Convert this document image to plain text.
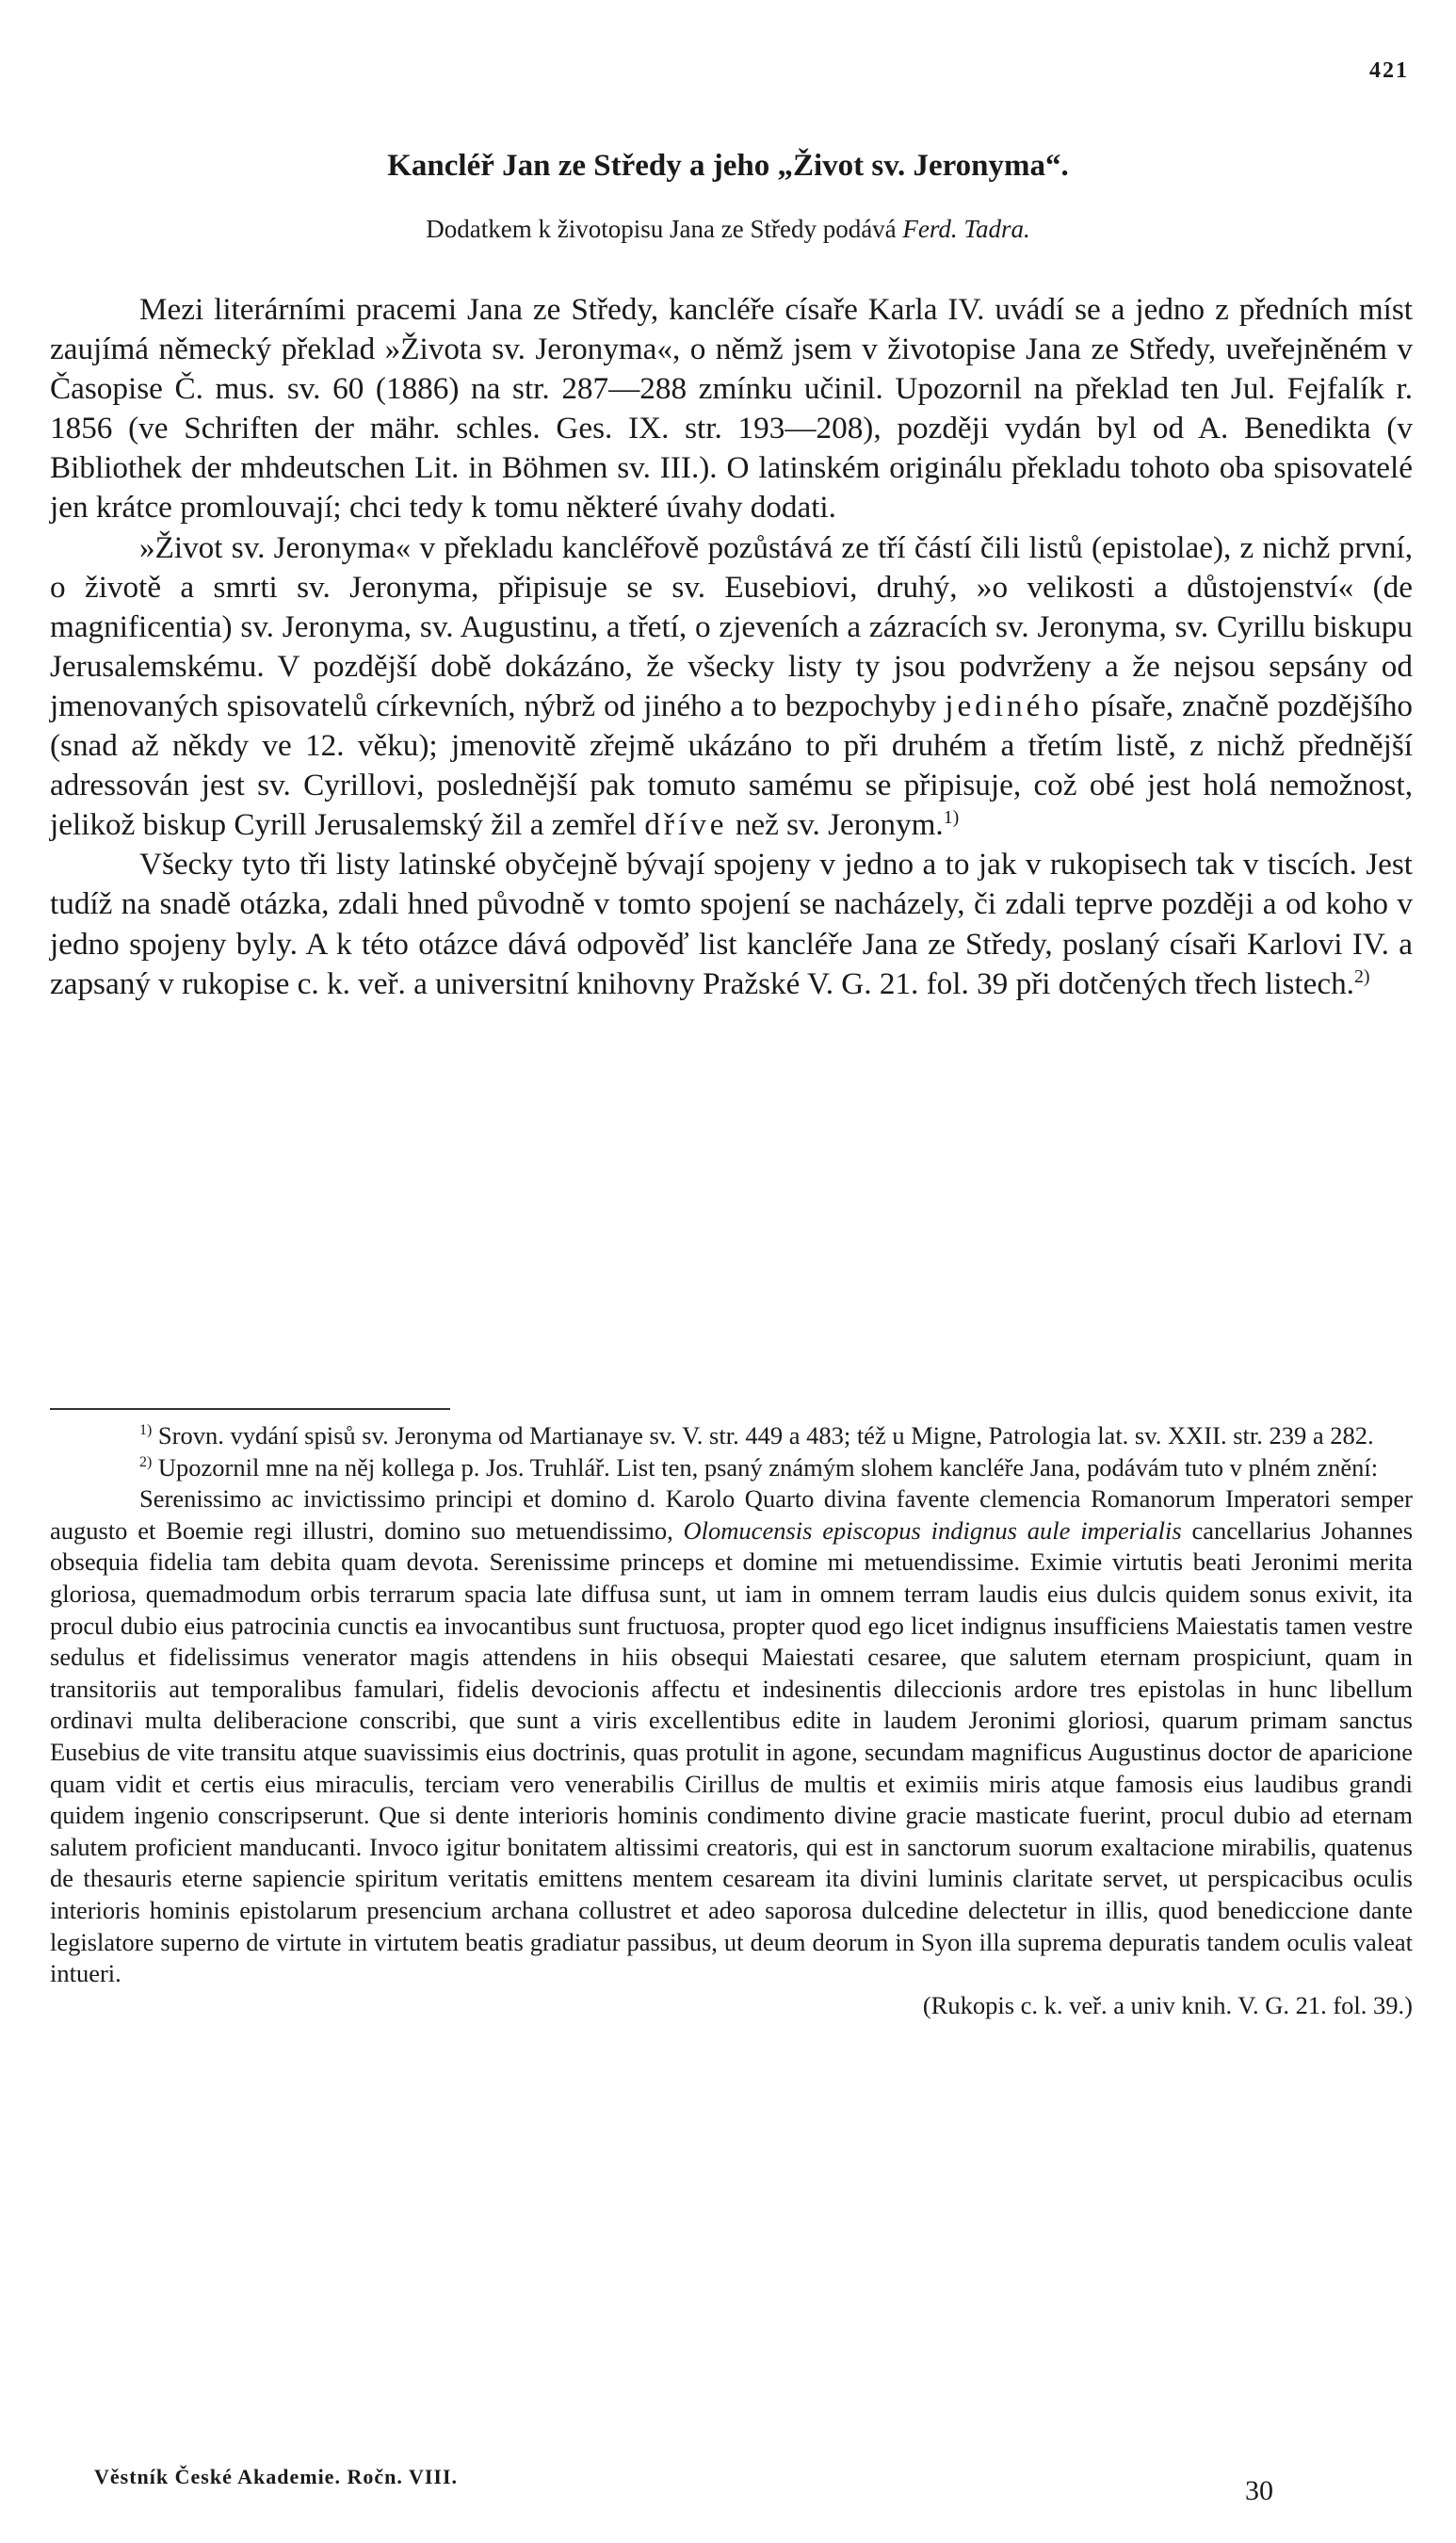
421
Kancléř Jan ze Středy a jeho „Život sv. Jeronyma“.
Dodatkem k životopisu Jana ze Středy podává Ferd. Tadra.

Mezi literárními pracemi Jana ze Středy, kancléře císaře Karla IV. uvádí se a jedno z předních míst zaujímá německý překlad »Života sv. Jeronyma«, o němž jsem v životopise Jana ze Středy, uveřejněném v Časopise Č. mus. sv. 60 (1886) na str. 287—288 zmínku učinil. Upozornil na překlad ten Jul. Fejfalík r. 1856 (ve Schriften der mähr. schles. Ges. IX. str. 193—208), později vydán byl od A. Benedikta (v Bibliothek der mhdeutschen Lit. in Böhmen sv. III.). O latinském originálu překladu tohoto oba spisovatelé jen krátce promlouvají; chci tedy k tomu některé úvahy dodati.

»Život sv. Jeronyma« v překladu kancléřově pozůstává ze tří částí čili listů (epistolae), z nichž první, o životě a smrti sv. Jeronyma, připisuje se sv. Eusebiovi, druhý, »o velikosti a důstojenství« (de magnificentia) sv. Jeronyma, sv. Augustinu, a třetí, o zjeveních a zázracích sv. Jeronyma, sv. Cyrillu biskupu Jerusalemskému. V pozdější době dokázáno, že všecky listy ty jsou podvrženy a že nejsou sepsány od jmenovaných spisovatelů církevních, nýbrž od jiného a to bezpochyby jediného písaře, značně pozdějšího (snad až někdy ve 12. věku); jmenovitě zřejmě ukázáno to při druhém a třetím listě, z nichž přednější adressován jest sv. Cyrillovi, poslednější pak tomuto samému se připisuje, což obé jest holá nemožnost, jelikož biskup Cyrill Jerusalemský žil a zemřel dříve než sv. Jeronym.$^{1)}$

Všecky tyto tři listy latinské obyčejně bývají spojeny v jedno a to jak v rukopisech tak v tiscích. Jest tudíž na snadě otázka, zdali hned původně v tomto spojení se nacházely, či zdali teprve později a od koho v jedno spojeny byly. A k této otázce dává odpověď list kancléře Jana ze Středy, poslaný císaři Karlovi IV. a zapsaný v rukopise c. k. veř. a universitní knihovny Pražské V. G. 21. fol. 39 při dotčených třech listech.$^{2)}$

$^{1)}$ Srovn. vydání spisů sv. Jeronyma od Martianaye sv. V. str. 449 a 483; též u Migne, Patrologia lat. sv. XXII. str. 239 a 282.

$^{2)}$ Upozornil mne na něj kollega p. Jos. Truhlář. List ten, psaný známým slohem kancléře Jana, podávám tuto v plném znění:

Serenissimo ac invictissimo principi et domino d. Karolo Quarto divina favente clemencia Romanorum Imperatori semper augusto et Boemie regi illustri, domino suo metuendissimo, Olomucensis episcopus indignus aule imperialis cancellarius Johannes obsequia fidelia tam debita quam devota. Serenissime princeps et domine mi metuendissime. Eximie virtutis beati Jeronimi merita gloriosa, quemadmodum orbis terrarum spacia late diffusa sunt, ut iam in omnem terram laudis eius dulcis quidem sonus exivit, ita procul dubio eius patrocinia cunctis ea invocantibus sunt fructuosa, propter quod ego licet indignus insufficiens Maiestatis tamen vestre sedulus et fidelissimus venerator magis attendens in hiis obsequi Maiestati cesaree, que salutem eternam prospiciunt, quam in transitoriis aut temporalibus famulari, fidelis devocionis affectu et indesinentis dileccionis ardore tres epistolas in hunc libellum ordinavi multa deliberacione conscribi, que sunt a viris excellentibus edite in laudem Jeronimi gloriosi, quarum primam sanctus Eusebius de vite transitu atque suavissimis eius doctrinis, quas protulit in agone, secundam magnificus Augustinus doctor de aparicione quam vidit et certis eius miraculis, terciam vero venerabilis Cirillus de multis et eximiis miris atque famosis eius laudibus grandi quidem ingenio conscripserunt. Que si dente interioris hominis condimento divine gracie masticate fuerint, procul dubio ad eternam salutem proficient manducanti. Invoco igitur bonitatem altissimi creatoris, qui est in sanctorum suorum exaltacione mirabilis, quatenus de thesauris eterne sapiencie spiritum veritatis emittens mentem cesaream ita divini luminis claritate servet, ut perspicacibus oculis interioris hominis epistolarum presencium archana collustret et adeo saporosa dulcedine delectetur in illis, quod benediccione dante legislatore superno de virtute in virtutem beatis gradiatur passibus, ut deum deorum in Syon illa suprema depuratis tandem oculis valeat intueri.
(Rukopis c. k. veř. a univ knih. V. G. 21. fol. 39.)

Věstník České Akademie. Ročn. VIII.	30
